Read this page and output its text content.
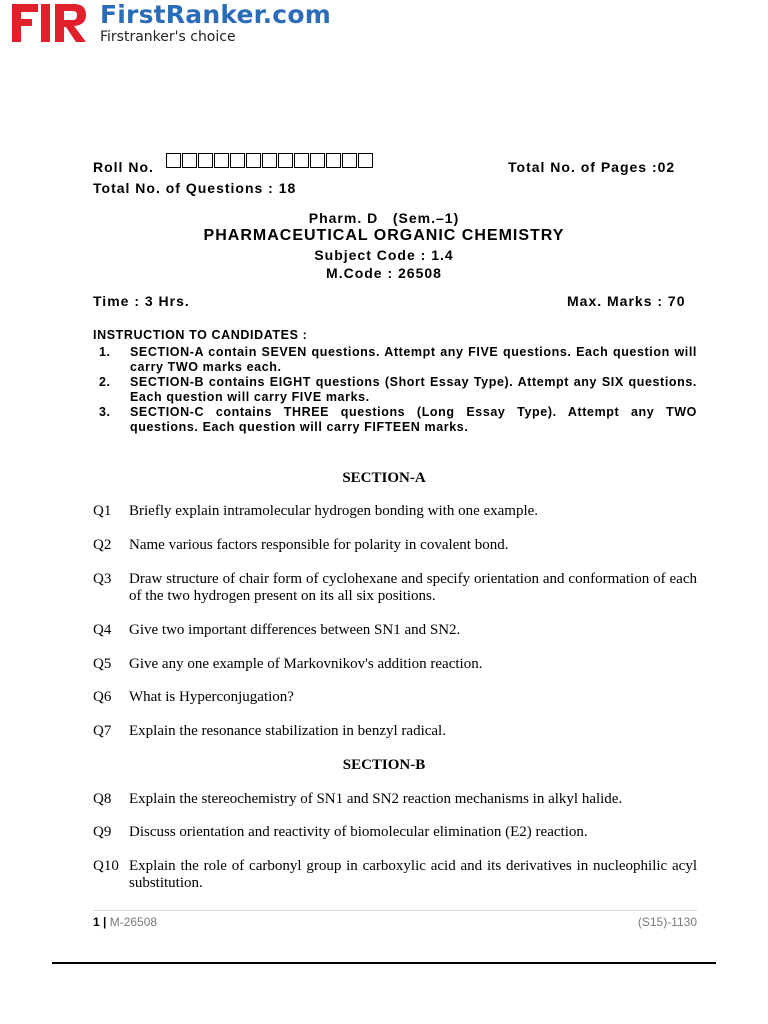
FirstRanker.com
Firstranker's choice
Roll No.	Total No. of Pages :02
Total No. of Questions : 18
Pharm. D   (Sem.–1)
PHARMACEUTICAL ORGANIC CHEMISTRY
Subject Code : 1.4
M.Code : 26508
Time : 3 Hrs.	Max. Marks : 70
INSTRUCTION TO CANDIDATES :
1.	SECTION-A contain SEVEN questions. Attempt any FIVE questions. Each question will carry TWO marks each.
2.	SECTION-B contains EIGHT questions (Short Essay Type). Attempt any SIX questions. Each question will carry FIVE marks.
3.	SECTION-C contains THREE questions (Long Essay Type). Attempt any TWO questions. Each question will carry FIFTEEN marks.
SECTION-A
Q1 Briefly explain intramolecular hydrogen bonding with one example.
Q2 Name various factors responsible for polarity in covalent bond.
Q3 Draw structure of chair form of cyclohexane and specify orientation and conformation of each of the two hydrogen present on its all six positions.
Q4 Give two important differences between SN1 and SN2.
Q5 Give any one example of Markovnikov's addition reaction.
Q6 What is Hyperconjugation?
Q7 Explain the resonance stabilization in benzyl radical.
SECTION-B
Q8 Explain the stereochemistry of SN1 and SN2 reaction mechanisms in alkyl halide.
Q9 Discuss orientation and reactivity of biomolecular elimination (E2) reaction.
Q10 Explain the role of carbonyl group in carboxylic acid and its derivatives in nucleophilic acyl substitution.
1 | M-26508	(S15)-1130
